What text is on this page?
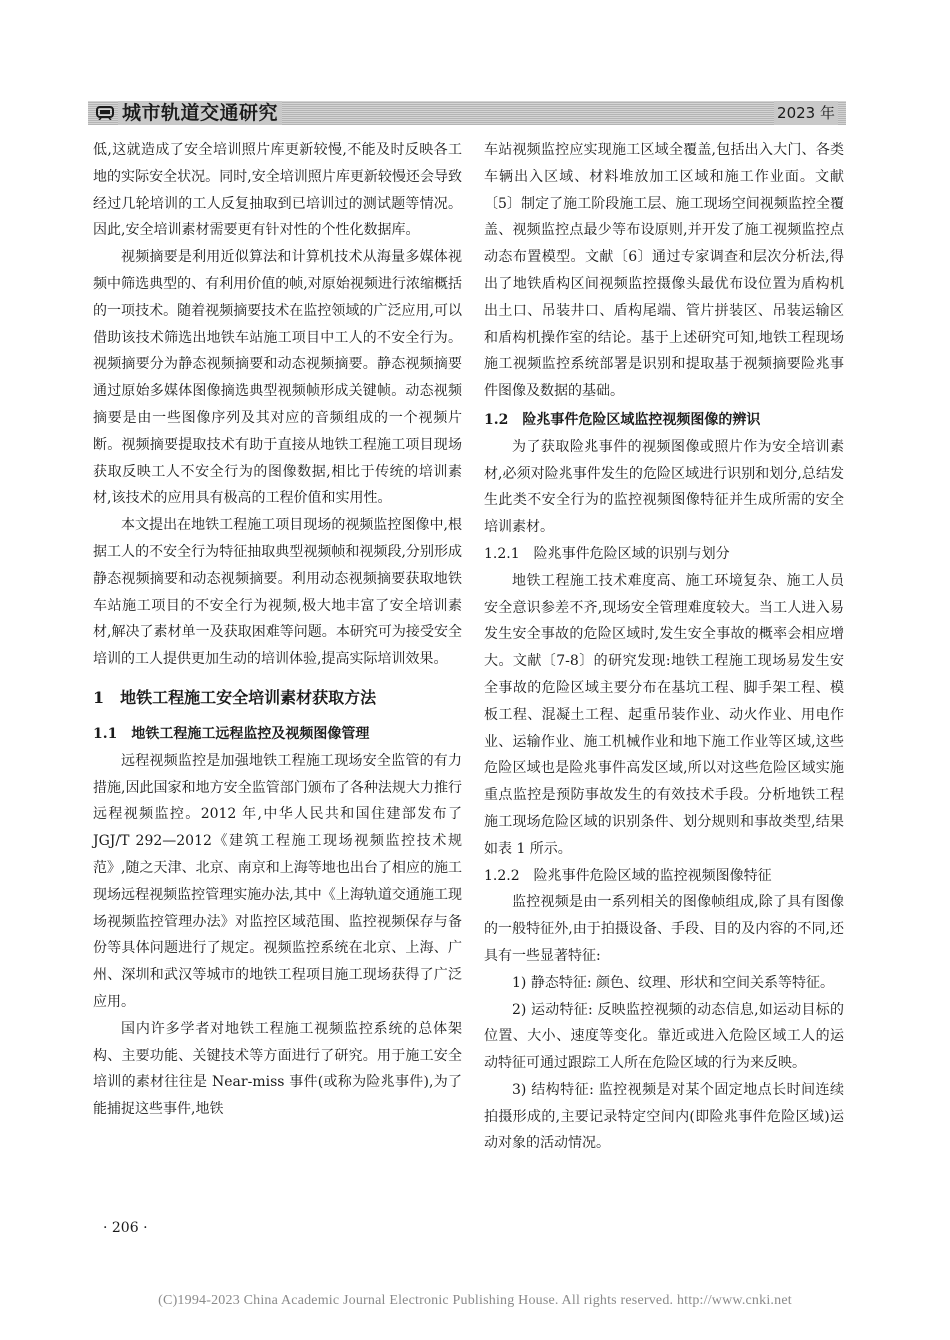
城市轨道交通研究	2023 年

低,这就造成了安全培训照片库更新较慢,不能及时反映各工地的实际安全状况。同时,安全培训照片库更新较慢还会导致经过几轮培训的工人反复抽取到已培训过的测试题等情况。因此,安全培训素材需要更有针对性的个性化数据库。

视频摘要是利用近似算法和计算机技术从海量多媒体视频中筛选典型的、有利用价值的帧,对原始视频进行浓缩概括的一项技术。随着视频摘要技术在监控领域的广泛应用,可以借助该技术筛选出地铁车站施工项目中工人的不安全行为。视频摘要分为静态视频摘要和动态视频摘要。静态视频摘要通过原始多媒体图像摘选典型视频帧形成关键帧。动态视频摘要是由一些图像序列及其对应的音频组成的一个视频片断。视频摘要提取技术有助于直接从地铁工程施工项目现场获取反映工人不安全行为的图像数据,相比于传统的培训素材,该技术的应用具有极高的工程价值和实用性。

本文提出在地铁工程施工项目现场的视频监控图像中,根据工人的不安全行为特征抽取典型视频帧和视频段,分别形成静态视频摘要和动态视频摘要。利用动态视频摘要获取地铁车站施工项目的不安全行为视频,极大地丰富了安全培训素材,解决了素材单一及获取困难等问题。本研究可为接受安全培训的工人提供更加生动的培训体验,提高实际培训效果。

1　地铁工程施工安全培训素材获取方法
1.1　地铁工程施工远程监控及视频图像管理

远程视频监控是加强地铁工程施工现场安全监管的有力措施,因此国家和地方安全监管部门颁布了各种法规大力推行远程视频监控。2012 年,中华人民共和国住建部发布了 JGJ/T 292—2012《建筑工程施工现场视频监控技术规范》,随之天津、北京、南京和上海等地也出台了相应的施工现场远程视频监控管理实施办法,其中《上海轨道交通施工现场视频监控管理办法》对监控区域范围、监控视频保存与备份等具体问题进行了规定。视频监控系统在北京、上海、广州、深圳和武汉等城市的地铁工程项目施工现场获得了广泛应用。

国内许多学者对地铁工程施工视频监控系统的总体架构、主要功能、关键技术等方面进行了研究。用于施工安全培训的素材往往是 Near-miss 事件(或称为险兆事件),为了能捕捉这些事件,地铁

车站视频监控应实现施工区域全覆盖,包括出入大门、各类车辆出入区域、材料堆放加工区域和施工作业面。文献〔5〕制定了施工阶段施工层、施工现场空间视频监控全覆盖、视频监控点最少等布设原则,并开发了施工视频监控点动态布置模型。文献〔6〕通过专家调查和层次分析法,得出了地铁盾构区间视频监控摄像头最优布设位置为盾构机出土口、吊装井口、盾构尾端、管片拼装区、吊装运输区和盾构机操作室的结论。基于上述研究可知,地铁工程现场施工视频监控系统部署是识别和提取基于视频摘要险兆事件图像及数据的基础。

1.2　险兆事件危险区域监控视频图像的辨识

为了获取险兆事件的视频图像或照片作为安全培训素材,必须对险兆事件发生的危险区域进行识别和划分,总结发生此类不安全行为的监控视频图像特征并生成所需的安全培训素材。

1.2.1　险兆事件危险区域的识别与划分

地铁工程施工技术难度高、施工环境复杂、施工人员安全意识参差不齐,现场安全管理难度较大。当工人进入易发生安全事故的危险区域时,发生安全事故的概率会相应增大。文献〔7-8〕的研究发现:地铁工程施工现场易发生安全事故的危险区域主要分布在基坑工程、脚手架工程、模板工程、混凝土工程、起重吊装作业、动火作业、用电作业、运输作业、施工机械作业和地下施工作业等区域,这些危险区域也是险兆事件高发区域,所以对这些危险区域实施重点监控是预防事故发生的有效技术手段。分析地铁工程施工现场危险区域的识别条件、划分规则和事故类型,结果如表 1 所示。

1.2.2　险兆事件危险区域的监控视频图像特征

监控视频是由一系列相关的图像帧组成,除了具有图像的一般特征外,由于拍摄设备、手段、目的及内容的不同,还具有一些显著特征:

1) 静态特征: 颜色、纹理、形状和空间关系等特征。

2) 运动特征: 反映监控视频的动态信息,如运动目标的位置、大小、速度等变化。靠近或进入危险区域工人的运动特征可通过跟踪工人所在危险区域的行为来反映。

3) 结构特征: 监控视频是对某个固定地点长时间连续拍摄形成的,主要记录特定空间内(即险兆事件危险区域)运动对象的活动情况。

· 206 ·
(C)1994-2023 China Academic Journal Electronic Publishing House. All rights reserved. http://www.cnki.net
